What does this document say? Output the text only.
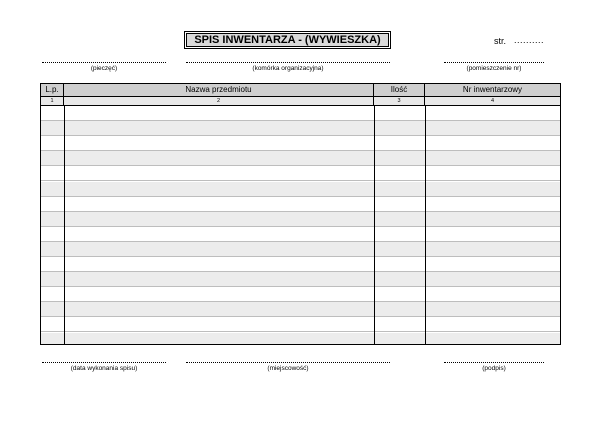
SPIS INWENTARZA - (WYWIESZKA)	str. ..........
(pieczęć)	(komórka organizacyjna)	(pomieszczenie nr)
L.p.	Nazwa przedmiotu	Ilość	Nr inwentarzowy
1	2	3	4
(data wykonania spisu)	(miejscowość)	(podpis)
